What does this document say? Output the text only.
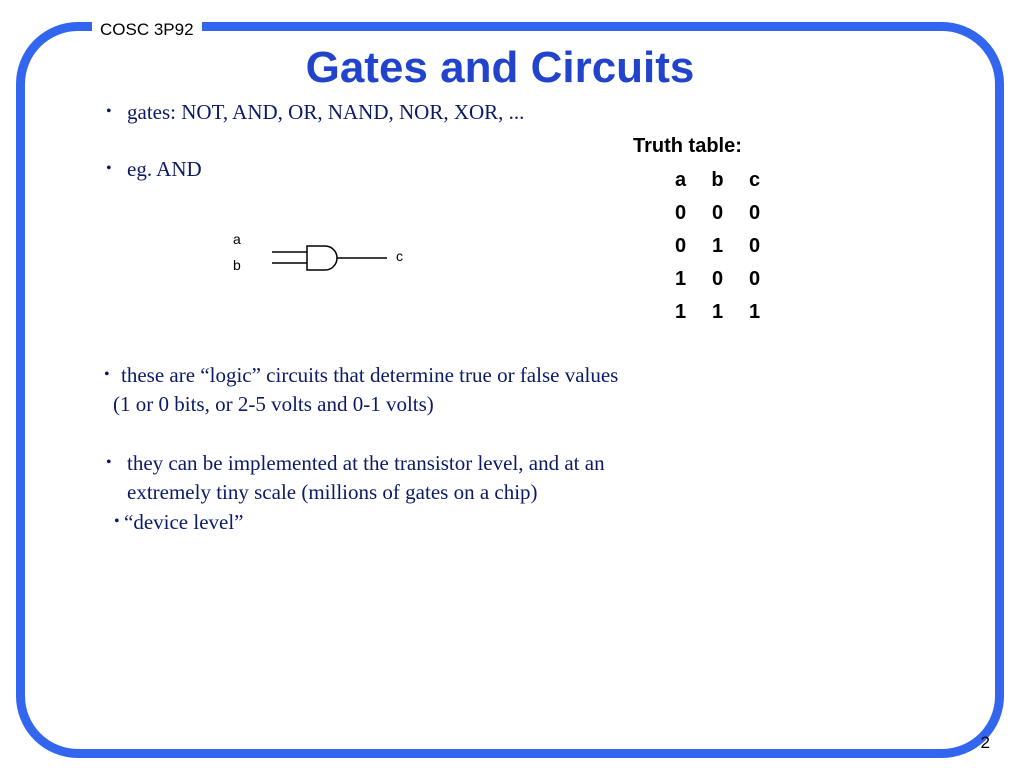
COSC 3P92
Gates and Circuits
• gates: NOT, AND, OR, NAND, NOR, XOR, ...
• eg. AND
a
b
c
Truth table:
a	b	c
0	0	0
0	1	0
1	0	0
1	1	1
• these are “logic” circuits that determine true or false values
(1 or 0 bits, or 2-5 volts and 0-1 volts)
• they can be implemented at the transistor level, and at an
extremely tiny scale (millions of gates on a chip)
• “device level”
2
